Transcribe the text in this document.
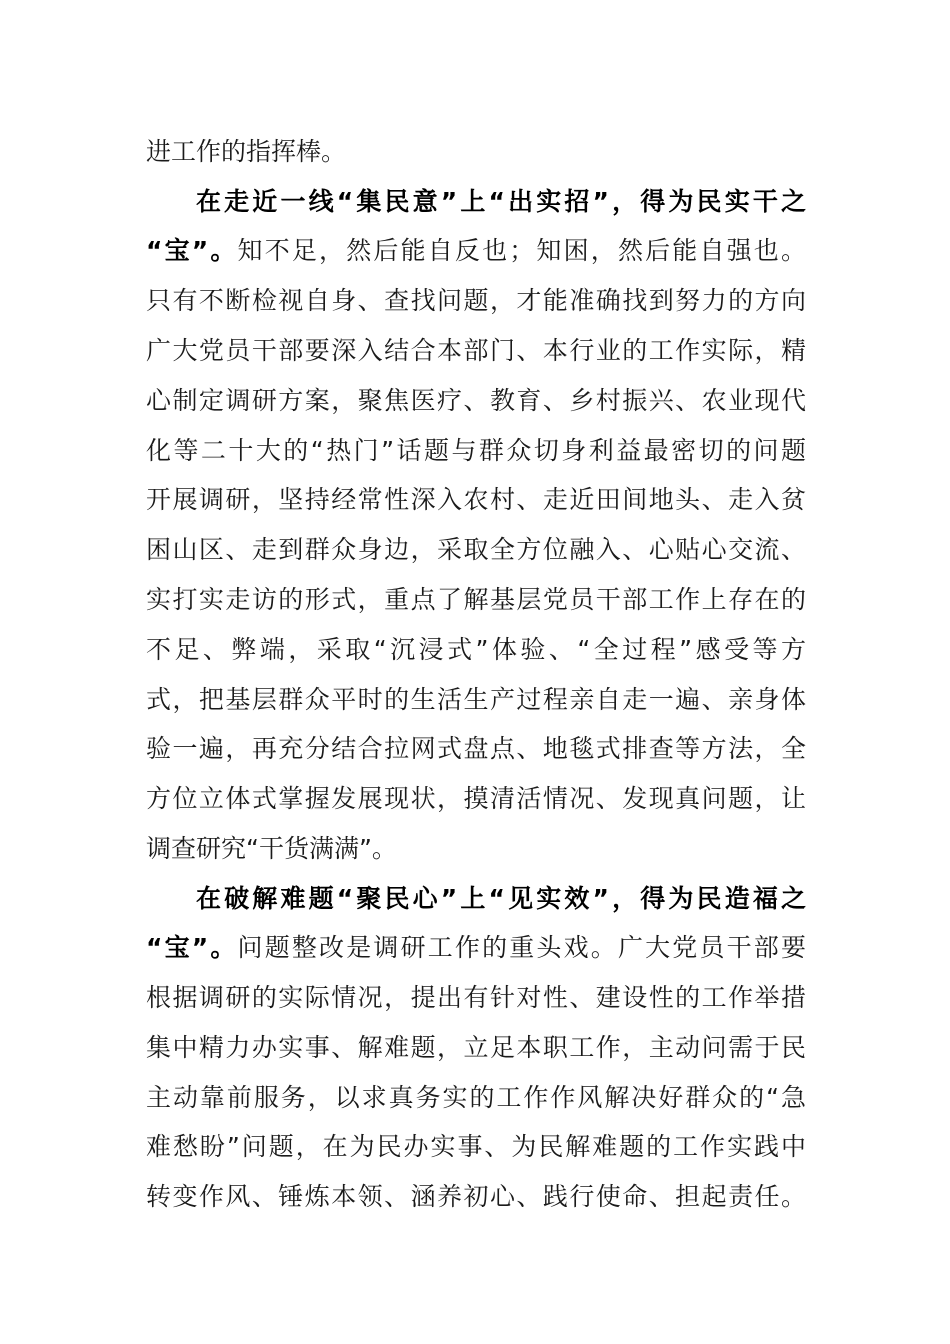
进工作的指挥棒。
在走近一线“集民意”上“出实招”，得为民实干之
“宝”。知不足，然后能自反也；知困，然后能自强也。
只有不断检视自身、查找问题，才能准确找到努力的方向
广大党员干部要深入结合本部门、本行业的工作实际，精
心制定调研方案，聚焦医疗、教育、乡村振兴、农业现代
化等二十大的“热门”话题与群众切身利益最密切的问题
开展调研，坚持经常性深入农村、走近田间地头、走入贫
困山区、走到群众身边，采取全方位融入、心贴心交流、
实打实走访的形式，重点了解基层党员干部工作上存在的
不足、弊端，采取“沉浸式”体验、“全过程”感受等方
式，把基层群众平时的生活生产过程亲自走一遍、亲身体
验一遍，再充分结合拉网式盘点、地毯式排查等方法，全
方位立体式掌握发展现状，摸清活情况、发现真问题，让
调查研究“干货满满”。
在破解难题“聚民心”上“见实效”，得为民造福之
“宝”。问题整改是调研工作的重头戏。广大党员干部要
根据调研的实际情况，提出有针对性、建设性的工作举措
集中精力办实事、解难题，立足本职工作，主动问需于民
主动靠前服务，以求真务实的工作作风解决好群众的“急
难愁盼”问题，在为民办实事、为民解难题的工作实践中
转变作风、锤炼本领、涵养初心、践行使命、担起责任。
